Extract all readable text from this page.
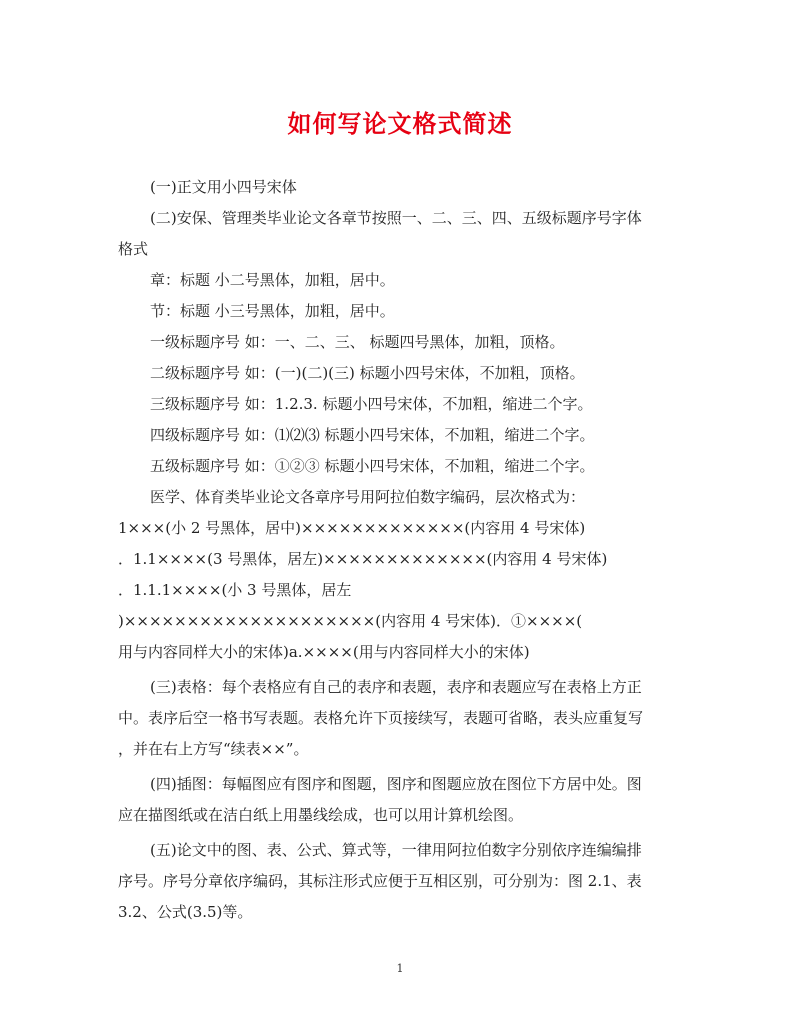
如何写论文格式简述
(一)正文用小四号宋体
(二)安保、管理类毕业论文各章节按照一、二、三、四、五级标题序号字体
格式
章：标题 小二号黑体，加粗，居中。
节：标题 小三号黑体，加粗，居中。
一级标题序号 如：一、二、三、 标题四号黑体，加粗，顶格。
二级标题序号 如：(一)(二)(三) 标题小四号宋体，不加粗，顶格。
三级标题序号 如：1.2.3. 标题小四号宋体，不加粗，缩进二个字。
四级标题序号 如：⑴⑵⑶ 标题小四号宋体，不加粗，缩进二个字。
五级标题序号 如：①②③ 标题小四号宋体，不加粗，缩进二个字。
医学、体育类毕业论文各章序号用阿拉伯数字编码，层次格式为：
1×××(小 2 号黑体，居中)×××××××××××××(内容用 4 号宋体)
．1.1××××(3 号黑体，居左)×××××××××××××(内容用 4 号宋体)
．1.1.1××××(小 3 号黑体，居左
)××××××××××××××××××××(内容用 4 号宋体)．①××××(
用与内容同样大小的宋体)a.××××(用与内容同样大小的宋体)
(三)表格：每个表格应有自己的表序和表题，表序和表题应写在表格上方正
中。表序后空一格书写表题。表格允许下页接续写，表题可省略，表头应重复写
，并在右上方写“续表××”。
(四)插图：每幅图应有图序和图题，图序和图题应放在图位下方居中处。图
应在描图纸或在洁白纸上用墨线绘成，也可以用计算机绘图。
(五)论文中的图、表、公式、算式等，一律用阿拉伯数字分别依序连编编排
序号。序号分章依序编码，其标注形式应便于互相区别，可分别为：图 2.1、表
3.2、公式(3.5)等。
1
